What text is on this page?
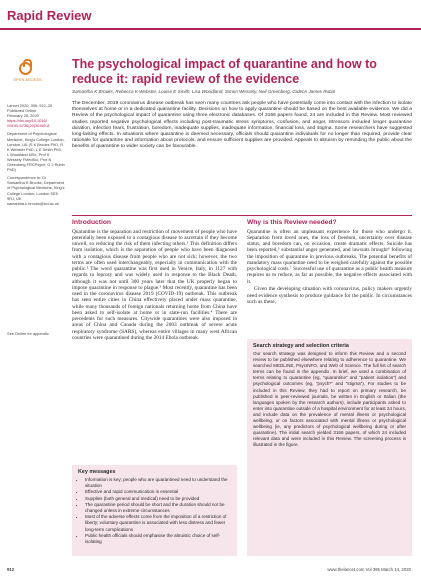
Rapid Review
OPEN ACCESS
The psychological impact of quarantine and how to reduce it: rapid review of the evidence
Samantha K Brooks, Rebecca K Webster, Louise E Smith, Lisa Woodland, Simon Wessely, Neil Greenberg, Gideon James Rubin
Lancet 2020; 395: 912–20
Published Online
February 26, 2020
https://doi.org/10.1016/
S0140-6736(20)30460-8
Department of Psychological Medicine, King's College London, London, UK (S K Brooks PhD, R K Webster PhD, L E Smith PhD, L Woodland MSc, Prof S Wessely FMedSci, Prof N Greenberg FRCPsych, G J Rubin PhD)
Correspondence to: Dr Samantha K Brooks, Department of Psychological Medicine, King's College London, London SE5 9RJ, UK samantha.k.brooks@kcl.ac.uk
See Online for appendix

The December, 2019 coronavirus disease outbreak has seen many countries ask people who have potentially come into contact with the infection to isolate themselves at home or in a dedicated quarantine facility. Decisions on how to apply quarantine should be based on the best available evidence. We did a Review of the psychological impact of quarantine using three electronic databases. Of 3166 papers found, 24 are included in this Review. Most reviewed studies reported negative psychological effects including post-traumatic stress symptoms, confusion, and anger. Stressors included longer quarantine duration, infection fears, frustration, boredom, inadequate supplies, inadequate information, financial loss, and stigma. Some researchers have suggested long-lasting effects. In situations where quarantine is deemed necessary, officials should quarantine individuals for no longer than required, provide clear rationale for quarantine and information about protocols, and ensure sufficient supplies are provided. Appeals to altruism by reminding the public about the benefits of quarantine to wider society can be favourable.

Introduction

Quarantine is the separation and restriction of movement of people who have potentially been exposed to a contagious disease to ascertain if they become unwell, so reducing the risk of them infecting others.¹ This definition differs from isolation, which is the separation of people who have been diagnosed with a contagious disease from people who are not sick; however, the two terms are often used interchangeably, especially in communication with the public.² The word quarantine was first used in Venice, Italy, in 1127 with regards to leprosy and was widely used in response to the Black Death, although it was not until 300 years later that the UK properly began to impose quarantine in response to plague.³ Most recently, quarantine has been used in the coronavirus disease 2019 (COVID-19) outbreak. This outbreak has seen entire cities in China effectively placed under mass quarantine, while many thousands of foreign nationals returning home from China have been asked to self-isolate at home or in state-run facilities.⁴ There are precedents for such measures. Citywide quarantines were also imposed in areas of China and Canada during the 2003 outbreak of severe acute respiratory syndrome (SARS), whereas entire villages in many west African countries were quarantined during the 2014 Ebola outbreak.

Why is this Review needed?

Quarantine is often an unpleasant experience for those who undergo it. Separation from loved ones, the loss of freedom, uncertainty over disease status, and boredom can, on occasion, create dramatic effects. Suicide has been reported,⁵ substantial anger generated, and lawsuits brought⁶ following the imposition of quarantine in previous outbreaks. The potential benefits of mandatory mass quarantine need to be weighed carefully against the possible psychological costs.⁷ Successful use of quarantine as a public health measure requires us to reduce, as far as possible, the negative effects associated with it.

Given the developing situation with coronavirus, policy makers urgently need evidence synthesis to produce guidance for the public. In circumstances such as these,

Key messages
• Information is key; people who are quarantined need to understand the situation
• Effective and rapid communication is essential
• Supplies (both general and medical) need to be provided
• The quarantine period should be short and the duration should not be changed unless in extreme circumstances
• Most of the adverse effects come from the imposition of a restriction of liberty; voluntary quarantine is associated with less distress and fewer long-term complications
• Public health officials should emphasise the altruistic choice of self-isolating
Search strategy and selection criteria
Our search strategy was designed to inform this Review and a second review to be published elsewhere relating to adherence to quarantine. We searched MEDLINE, PsycINFO, and Web of Science. The full list of search terms can be found in the appendix. In brief, we used a combination of terms relating to quarantine (eg, “quarantine” and “patient isolation”) and psychological outcomes (eg, “psych*” and “stigma”). For studies to be included in this Review, they had to report on primary research, be published in peer-reviewed journals, be written in English or Italian (the languages spoken by the research authors), include participants asked to enter into quarantine outside of a hospital environment for at least 24 hours, and include data on the prevalence of mental illness or psychological wellbeing, or on factors associated with mental illness or psychological wellbeing (ie, any predictors of psychological wellbeing during or after quarantine). The initial search yielded 3166 papers, of which 24 included relevant data and were included in this Review. The screening process is illustrated in the figure.
912	www.thelancet.com Vol 395 March 14, 2020
